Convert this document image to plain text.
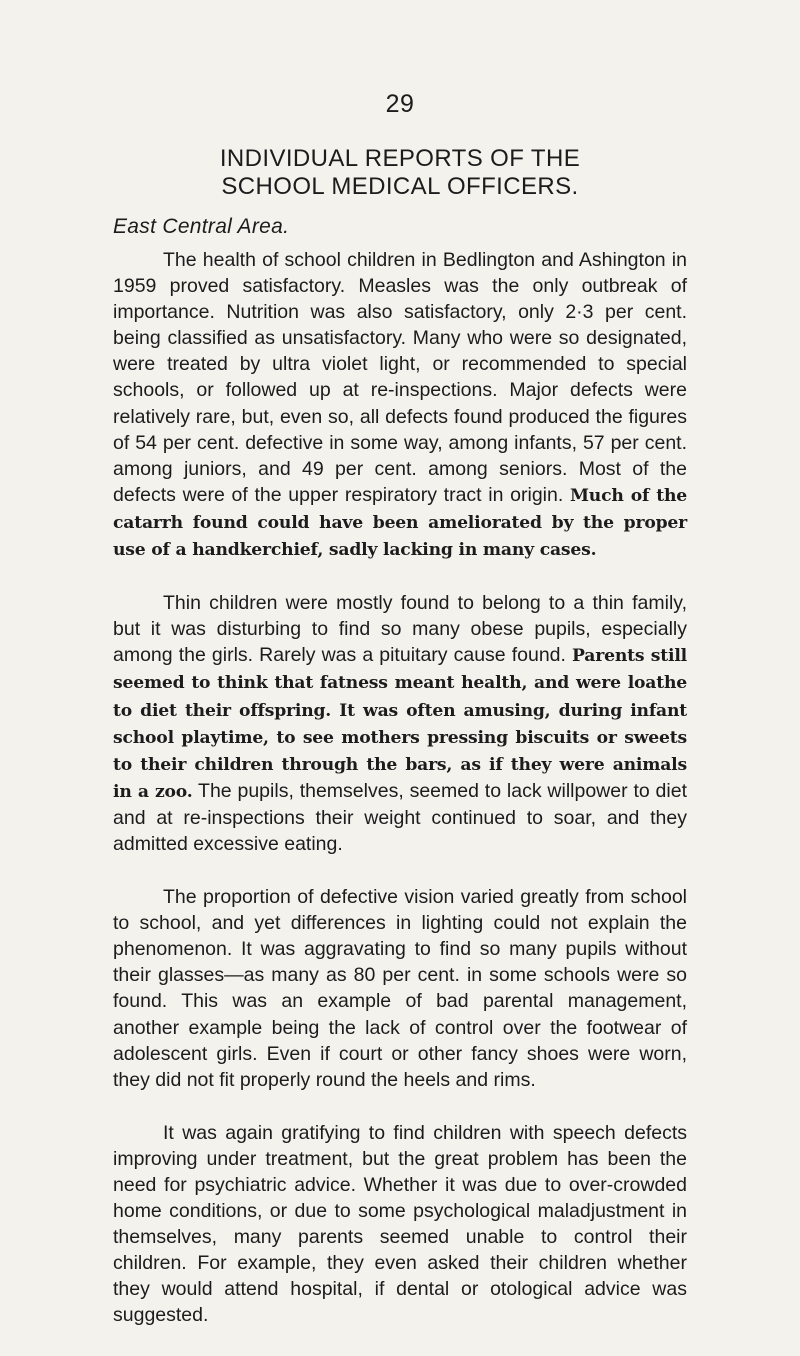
29
INDIVIDUAL REPORTS OF THE
SCHOOL MEDICAL OFFICERS.
East Central Area.

The health of school children in Bedlington and Ashington in 1959 proved satisfactory. Measles was the only outbreak of importance. Nutrition was also satisfactory, only 2·3 per cent. being classified as unsatisfactory. Many who were so designated, were treated by ultra violet light, or recommended to special schools, or followed up at re-inspections. Major defects were relatively rare, but, even so, all defects found produced the figures of 54 per cent. defective in some way, among infants, 57 per cent. among juniors, and 49 per cent. among seniors. Most of the defects were of the upper respiratory tract in origin. Much of the catarrh found could have been ameliorated by the proper use of a handkerchief, sadly lacking in many cases.

Thin children were mostly found to belong to a thin family, but it was disturbing to find so many obese pupils, especially among the girls. Rarely was a pituitary cause found. Parents still seemed to think that fatness meant health, and were loathe to diet their offspring. It was often amusing, during infant school playtime, to see mothers pressing biscuits or sweets to their children through the bars, as if they were animals in a zoo. The pupils, themselves, seemed to lack willpower to diet and at re-inspections their weight continued to soar, and they admitted excessive eating.

The proportion of defective vision varied greatly from school to school, and yet differences in lighting could not explain the phenomenon. It was aggravating to find so many pupils without their glasses—as many as 80 per cent. in some schools were so found. This was an example of bad parental management, another example being the lack of control over the footwear of adolescent girls. Even if court or other fancy shoes were worn, they did not fit properly round the heels and rims.

It was again gratifying to find children with speech defects improving under treatment, but the great problem has been the need for psychiatric advice. Whether it was due to over-crowded home conditions, or due to some psychological maladjustment in themselves, many parents seemed unable to control their children. For example, they even asked their children whether they would attend hospital, if dental or otological advice was suggested.
